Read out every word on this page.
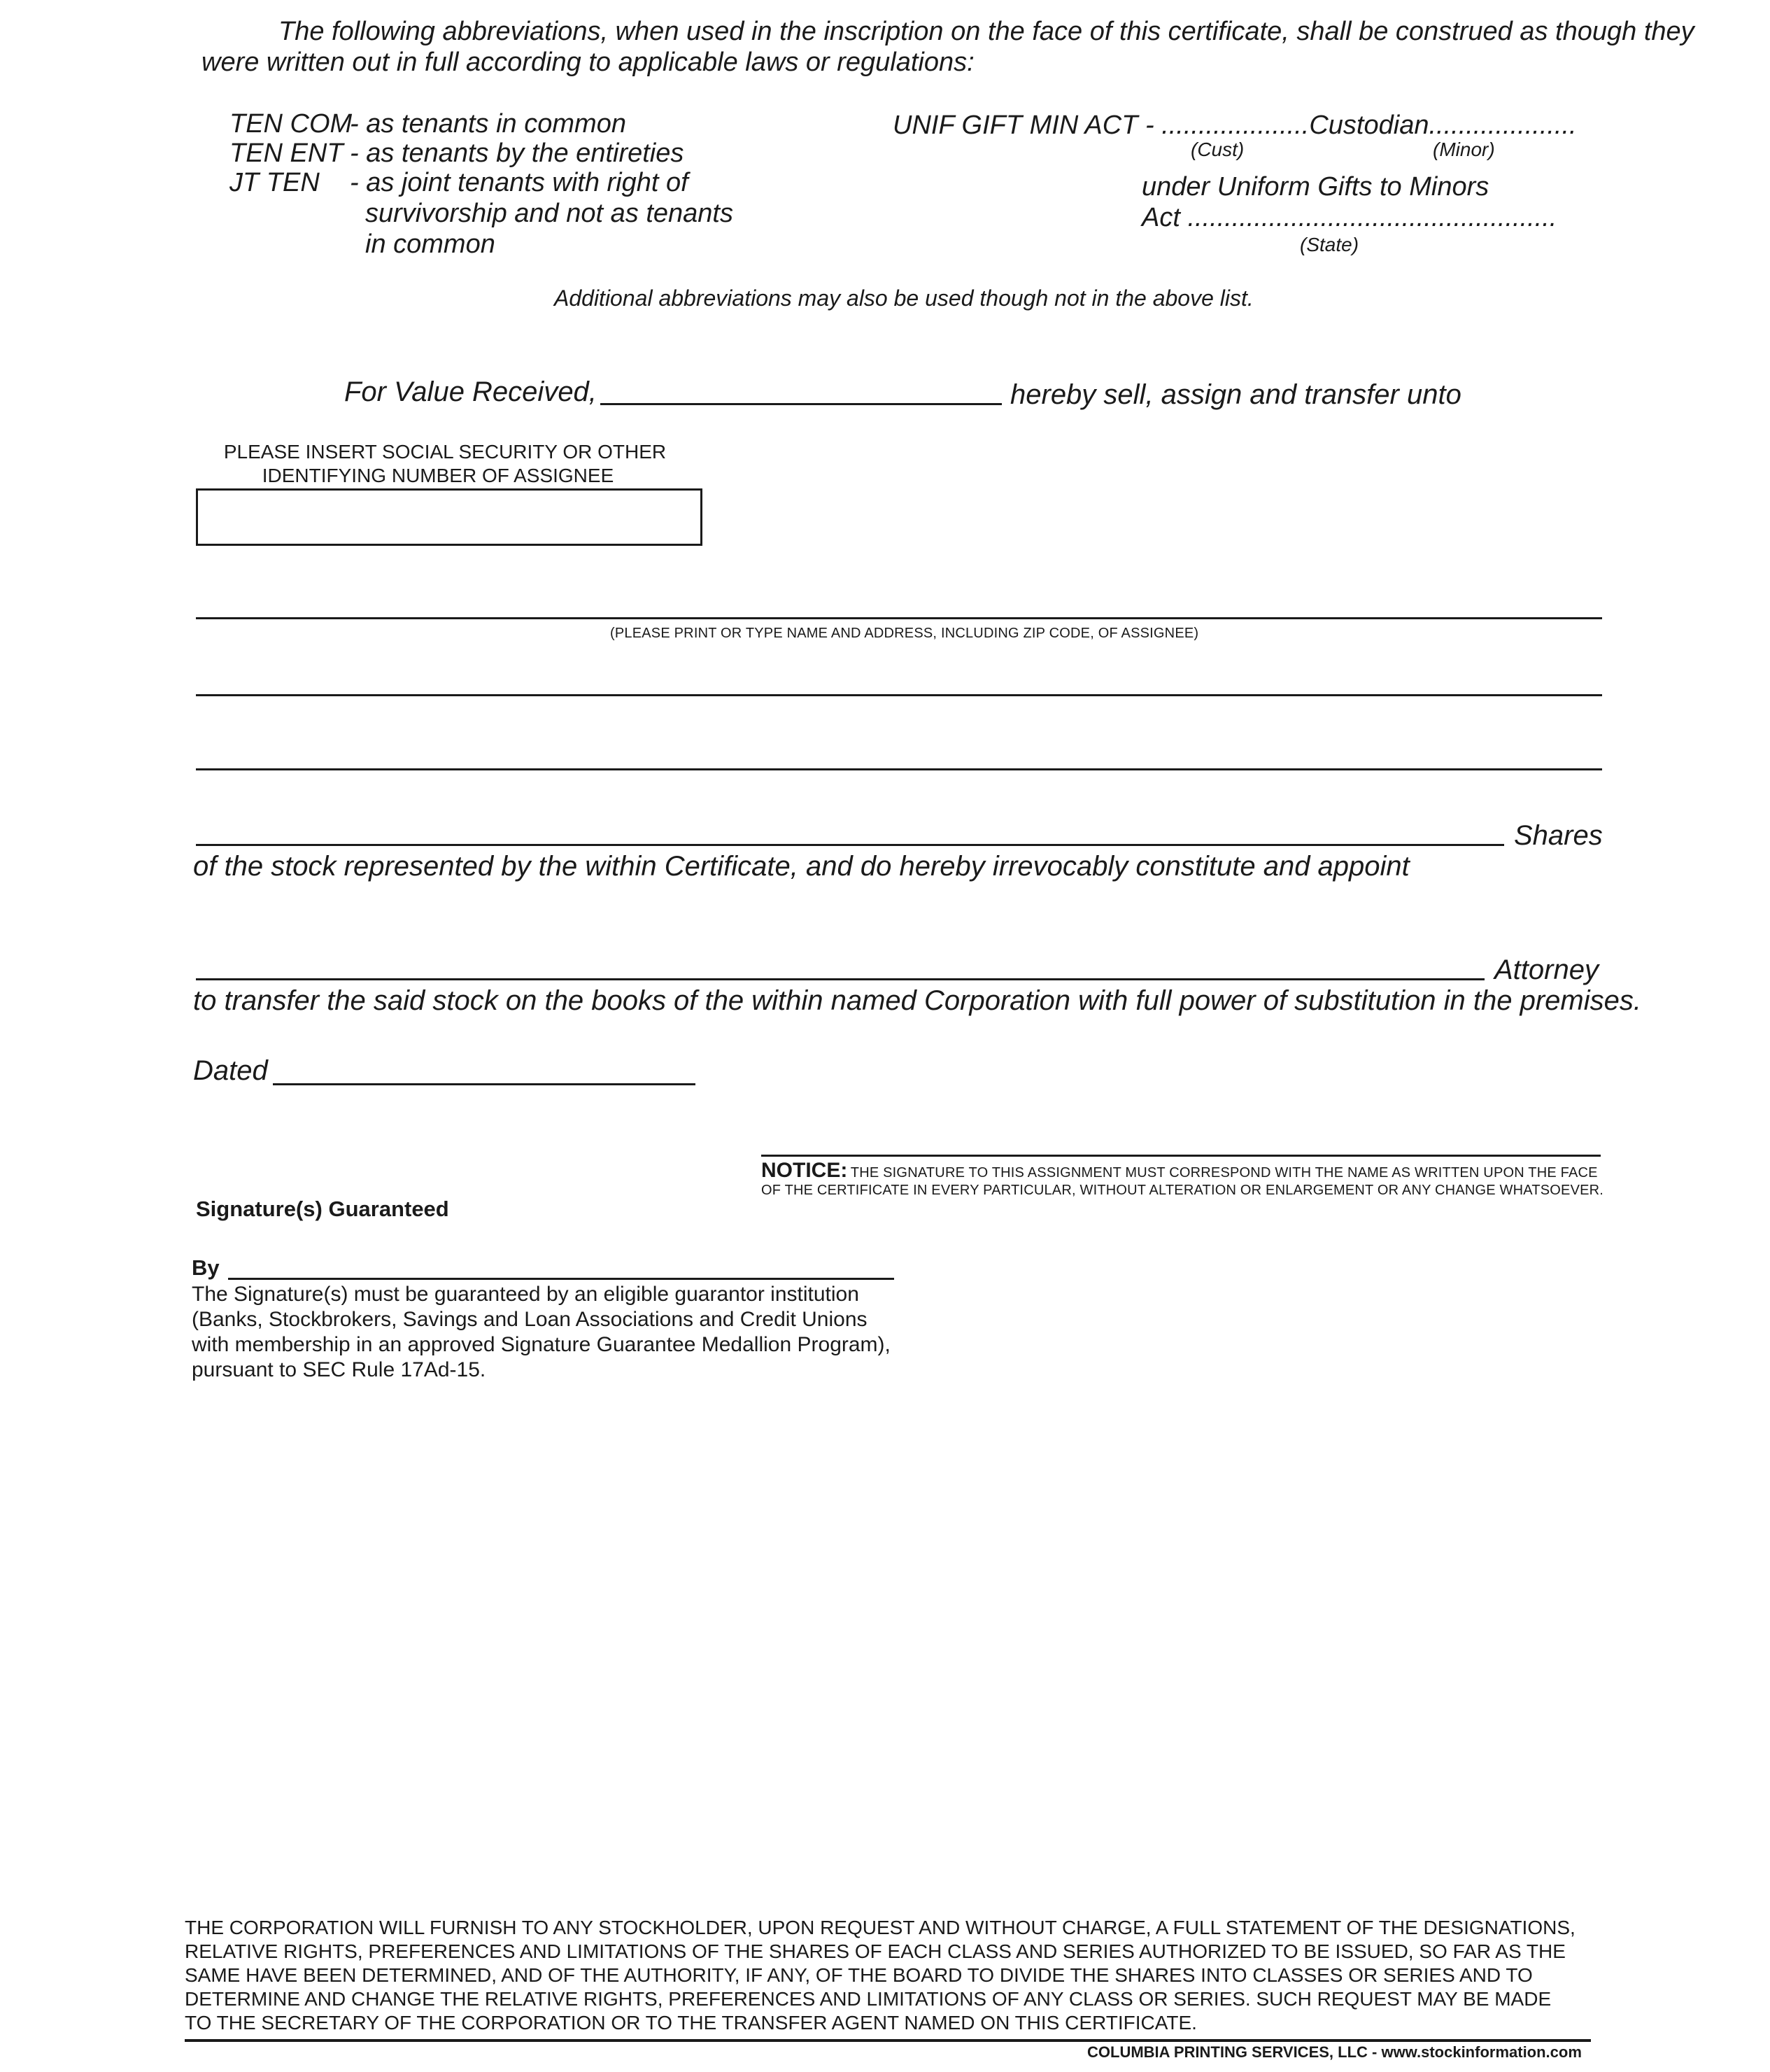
The following abbreviations, when used in the inscription on the face of this certificate, shall be construed as though they
were written out in full according to applicable laws or regulations:
TEN COM
- as tenants in common
TEN ENT - as tenants by the entireties
JT TEN - as joint tenants with right of
survivorship and not as tenants
in common
UNIF GIFT MIN ACT - ....................Custodian....................
(Cust)	(Minor)
under Uniform Gifts to Minors
Act ..................................................
(State)
Additional abbreviations may also be used though not in the above list.
For Value Received,	hereby sell, assign and transfer unto
PLEASE INSERT SOCIAL SECURITY OR OTHER
IDENTIFYING NUMBER OF ASSIGNEE
(PLEASE PRINT OR TYPE NAME AND ADDRESS, INCLUDING ZIP CODE, OF ASSIGNEE)
Shares
of the stock represented by the within Certificate, and do hereby irrevocably constitute and appoint
Attorney
to transfer the said stock on the books of the within named Corporation with full power of substitution in the premises.
Dated
NOTICE: THE SIGNATURE TO THIS ASSIGNMENT MUST CORRESPOND WITH THE NAME AS WRITTEN UPON THE FACE
OF THE CERTIFICATE IN EVERY PARTICULAR, WITHOUT ALTERATION OR ENLARGEMENT OR ANY CHANGE WHATSOEVER.
Signature(s) Guaranteed
By
The Signature(s) must be guaranteed by an eligible guarantor institution
(Banks, Stockbrokers, Savings and Loan Associations and Credit Unions
with membership in an approved Signature Guarantee Medallion Program),
pursuant to SEC Rule 17Ad-15.
THE CORPORATION WILL FURNISH TO ANY STOCKHOLDER, UPON REQUEST AND WITHOUT CHARGE, A FULL STATEMENT OF THE DESIGNATIONS,
RELATIVE RIGHTS, PREFERENCES AND LIMITATIONS OF THE SHARES OF EACH CLASS AND SERIES AUTHORIZED TO BE ISSUED, SO FAR AS THE
SAME HAVE BEEN DETERMINED, AND OF THE AUTHORITY, IF ANY, OF THE BOARD TO DIVIDE THE SHARES INTO CLASSES OR SERIES AND TO
DETERMINE AND CHANGE THE RELATIVE RIGHTS, PREFERENCES AND LIMITATIONS OF ANY CLASS OR SERIES. SUCH REQUEST MAY BE MADE
TO THE SECRETARY OF THE CORPORATION OR TO THE TRANSFER AGENT NAMED ON THIS CERTIFICATE.
COLUMBIA PRINTING SERVICES, LLC - www.stockinformation.com
